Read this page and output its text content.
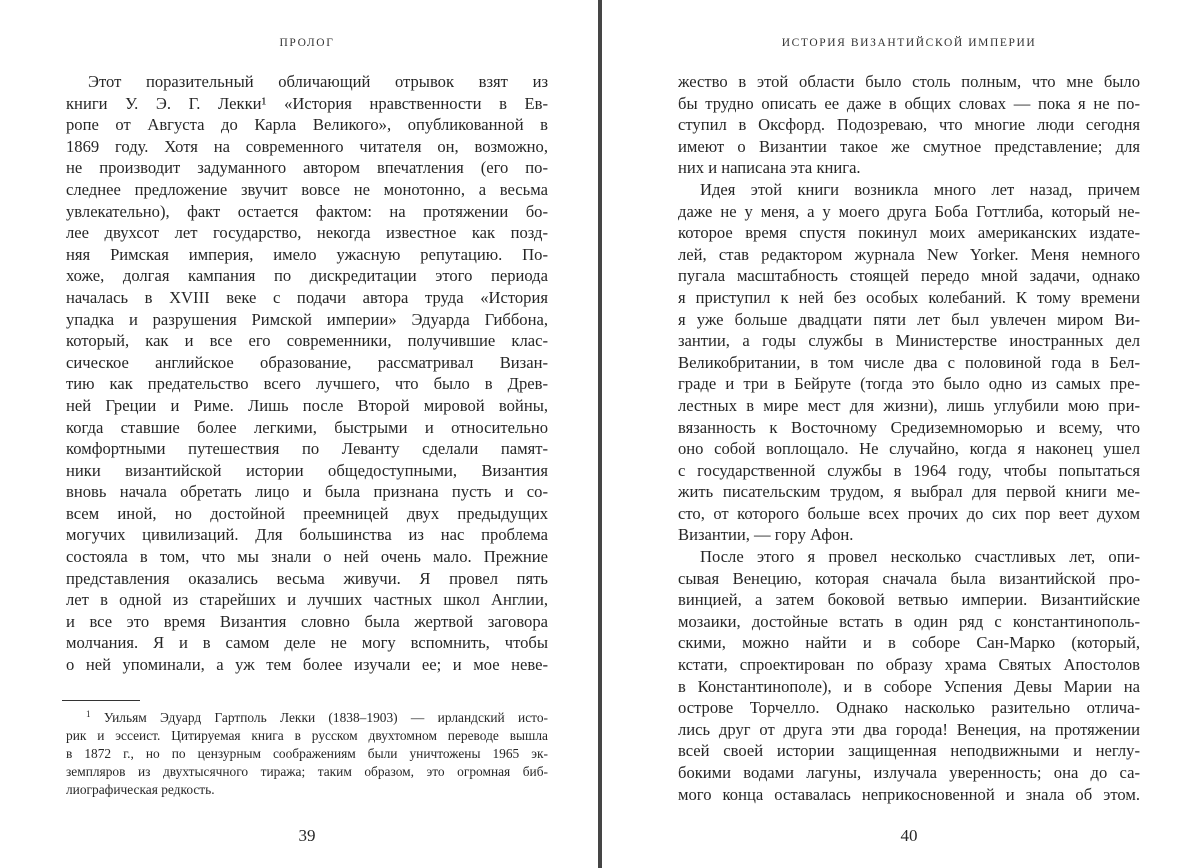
ПРОЛОГ
Этот поразительный обличающий отрывок взят из
книги У. Э. Г. Лекки¹ «История нравственности в Ев-
ропе от Августа до Карла Великого», опубликованной в
1869 году. Хотя на современного читателя он, возможно,
не производит задуманного автором впечатления (его по-
следнее предложение звучит вовсе не монотонно, а весьма
увлекательно), факт остается фактом: на протяжении бо-
лее двухсот лет государство, некогда известное как позд-
няя Римская империя, имело ужасную репутацию. По-
хоже, долгая кампания по дискредитации этого периода
началась в XVIII веке с подачи автора труда «История
упадка и разрушения Римской империи» Эдуарда Гиббона,
который, как и все его современники, получившие клас-
сическое английское образование, рассматривал Визан-
тию как предательство всего лучшего, что было в Древ-
ней Греции и Риме. Лишь после Второй мировой войны,
когда ставшие более легкими, быстрыми и относительно
комфортными путешествия по Леванту сделали памят-
ники византийской истории общедоступными, Византия
вновь начала обретать лицо и была признана пусть и со-
всем иной, но достойной преемницей двух предыдущих
могучих цивилизаций. Для большинства из нас проблема
состояла в том, что мы знали о ней очень мало. Прежние
представления оказались весьма живучи. Я провел пять
лет в одной из старейших и лучших частных школ Англии,
и все это время Византия словно была жертвой заговора
молчания. Я и в самом деле не могу вспомнить, чтобы
о ней упоминали, а уж тем более изучали ее; и мое неве-
$^1$ Уильям Эдуард Гартполь Лекки (1838–1903) — ирландский исто-
рик и эссеист. Цитируемая книга в русском двухтомном переводе вышла
в 1872 г., но по цензурным соображениям были уничтожены 1965 эк-
земпляров из двухтысячного тиража; таким образом, это огромная биб-
лиографическая редкость.
39
ИСТОРИЯ ВИЗАНТИЙСКОЙ ИМПЕРИИ
жество в этой области было столь полным, что мне было
бы трудно описать ее даже в общих словах — пока я не по-
ступил в Оксфорд. Подозреваю, что многие люди сегодня
имеют о Византии такое же смутное представление; для
них и написана эта книга.
Идея этой книги возникла много лет назад, причем
даже не у меня, а у моего друга Боба Готтлиба, который не-
которое время спустя покинул моих американских издате-
лей, став редактором журнала New Yorker. Меня немного
пугала масштабность стоящей передо мной задачи, однако
я приступил к ней без особых колебаний. К тому времени
я уже больше двадцати пяти лет был увлечен миром Ви-
зантии, а годы службы в Министерстве иностранных дел
Великобритании, в том числе два с половиной года в Бел-
граде и три в Бейруте (тогда это было одно из самых пре-
лестных в мире мест для жизни), лишь углубили мою при-
вязанность к Восточному Средиземноморью и всему, что
оно собой воплощало. Не случайно, когда я наконец ушел
с государственной службы в 1964 году, чтобы попытаться
жить писательским трудом, я выбрал для первой книги ме-
сто, от которого больше всех прочих до сих пор веет духом
Византии, — гору Афон.
После этого я провел несколько счастливых лет, опи-
сывая Венецию, которая сначала была византийской про-
винцией, а затем боковой ветвью империи. Византийские
мозаики, достойные встать в один ряд с константинополь-
скими, можно найти и в соборе Сан-Марко (который,
кстати, спроектирован по образу храма Святых Апостолов
в Константинополе), и в соборе Успения Девы Марии на
острове Торчелло. Однако насколько разительно отлича-
лись друг от друга эти два города! Венеция, на протяжении
всей своей истории защищенная неподвижными и неглу-
бокими водами лагуны, излучала уверенность; она до са-
мого конца оставалась неприкосновенной и знала об этом.
40
